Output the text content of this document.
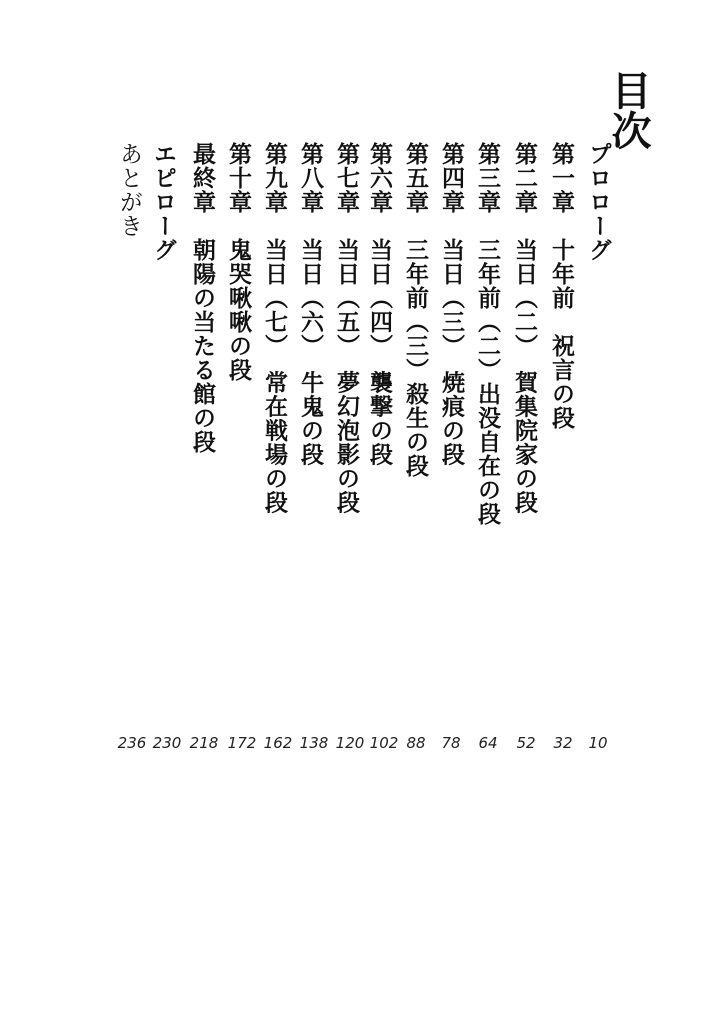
目次
プロローグ
第一章　十年前　祝言の段
第二章　当日（二）　賀集院家の段
第三章　三年前（二）出没自在の段
第四章　当日（三）　焼痕の段
第五章　三年前（三）殺生の段
第六章　当日（四）　襲撃の段
第七章　当日（五）　夢幻泡影の段
第八章　当日（六）　牛鬼の段
第九章　当日（七）　常在戦場の段
第十章　鬼哭啾啾の段
最終章　朝陽の当たる館の段
エピローグ
あとがき
10
32
52
64
78
88
102
120
138
162
172
218
230
236
